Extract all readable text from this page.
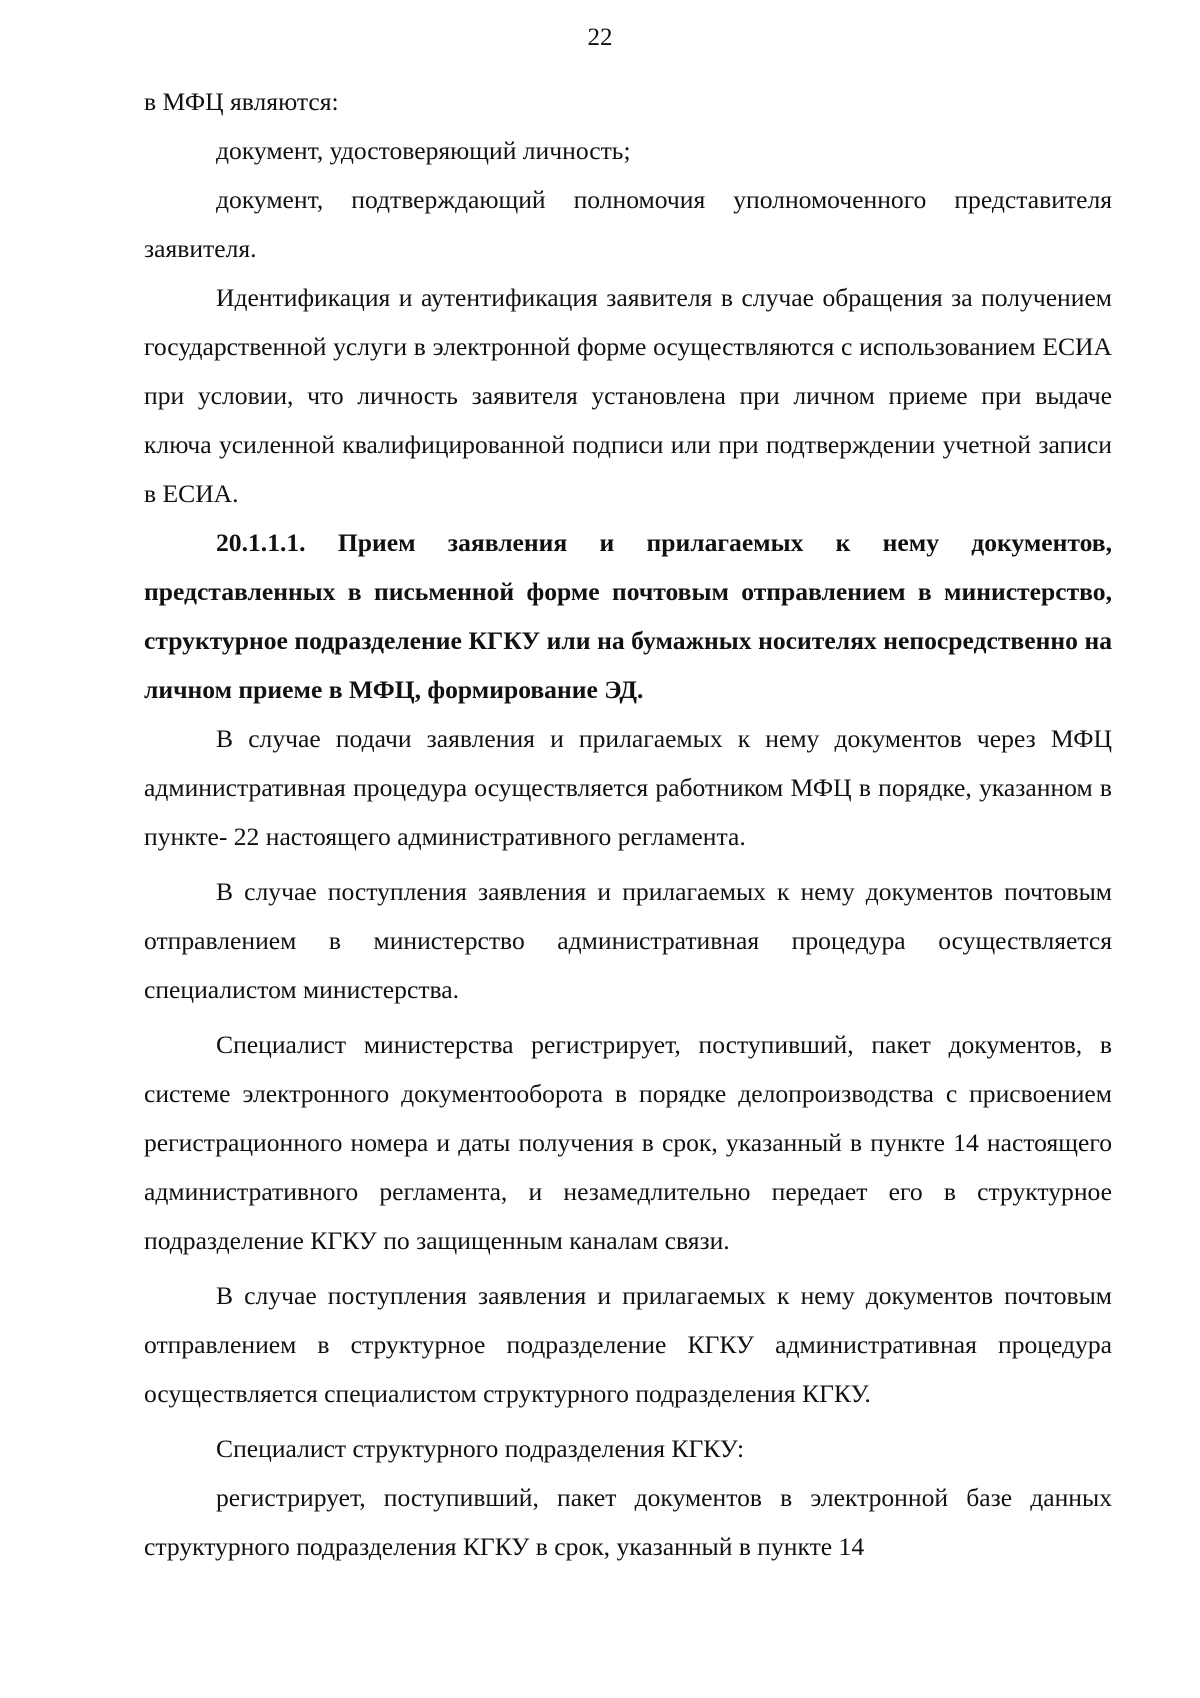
22

в МФЦ являются:

документ, удостоверяющий личность;

документ, подтверждающий полномочия уполномоченного представителя заявителя.

Идентификация и аутентификация заявителя в случае обращения за получением государственной услуги в электронной форме осуществляются с использованием ЕСИА при условии, что личность заявителя установлена при личном приеме при выдаче ключа усиленной квалифицированной подписи или при подтверждении учетной записи в ЕСИА.

20.1.1.1. Прием заявления и прилагаемых к нему документов, представленных в письменной форме почтовым отправлением в министерство, структурное подразделение КГКУ или на бумажных носителях непосредственно на личном приеме в МФЦ, формирование ЭД.

В случае подачи заявления и прилагаемых к нему документов через МФЦ административная процедура осуществляется работником МФЦ в порядке, указанном в пункте- 22 настоящего административного регламента.

В случае поступления заявления и прилагаемых к нему документов почтовым отправлением в министерство административная процедура осуществляется специалистом министерства.

Специалист министерства регистрирует, поступивший, пакет документов, в системе электронного документооборота в порядке делопроизводства с присвоением регистрационного номера и даты получения в срок, указанный в пункте 14 настоящего административного регламента, и незамедлительно передает его в структурное подразделение КГКУ по защищенным каналам связи.

В случае поступления заявления и прилагаемых к нему документов почтовым отправлением в структурное подразделение КГКУ административная процедура осуществляется специалистом структурного подразделения КГКУ.

Специалист структурного подразделения КГКУ:

регистрирует, поступивший, пакет документов в электронной базе данных структурного подразделения КГКУ в срок, указанный в пункте 14
